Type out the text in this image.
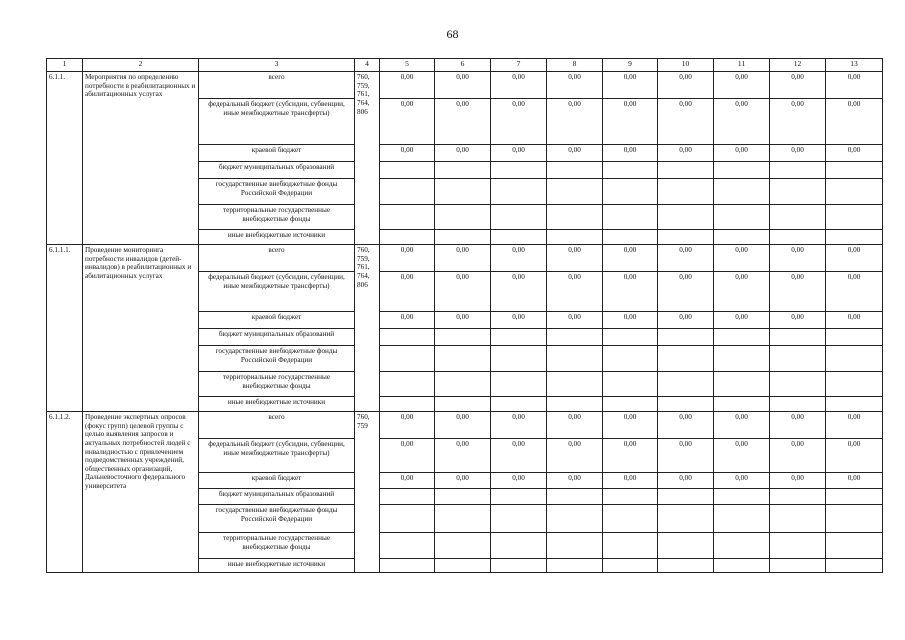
68
1	2	3	4	5	6	7	8	9	10	11	12	13
6.1.1.	Мероприятия по определению потребности в реабилитационных и абилитационных услугах	всего	760, 759, 761, 764, 806	0,00	0,00	0,00	0,00	0,00	0,00	0,00	0,00	0,00
		федеральный бюджет (субсидии, субвенции, иные межбюджетные трансферты)		0,00	0,00	0,00	0,00	0,00	0,00	0,00	0,00	0,00
		краевой бюджет		0,00	0,00	0,00	0,00	0,00	0,00	0,00	0,00	0,00
		бюджет муниципальных образований										
		государственные внебюджетные фонды Российской Федерации										
		территориальные государственные внебюджетные фонды										
		иные внебюджетные источники										
6.1.1.1.	Проведение мониторинга потребности инвалидов (детей-инвалидов) в реабилитационных и абилитационных услугах	всего	760, 759, 761, 764, 806	0,00	0,00	0,00	0,00	0,00	0,00	0,00	0,00	0,00
		федеральный бюджет (субсидии, субвенции, иные межбюджетные трансферты)		0,00	0,00	0,00	0,00	0,00	0,00	0,00	0,00	0,00
		краевой бюджет		0,00	0,00	0,00	0,00	0,00	0,00	0,00	0,00	0,00
		бюджет муниципальных образований										
		государственные внебюджетные фонды Российской Федерации										
		территориальные государственные внебюджетные фонды										
		иные внебюджетные источники										
6.1.1.2.	Проведение экспертных опросов (фокус групп) целевой группы с целью выявления запросов и актуальных потребностей людей с инвалидностью с привлечением подведомственных учреждений, общественных организаций, Дальневосточного федерального университета	всего	760, 759	0,00	0,00	0,00	0,00	0,00	0,00	0,00	0,00	0,00
		федеральный бюджет (субсидии, субвенции, иные межбюджетные трансферты)		0,00	0,00	0,00	0,00	0,00	0,00	0,00	0,00	0,00
		краевой бюджет		0,00	0,00	0,00	0,00	0,00	0,00	0,00	0,00	0,00
		бюджет муниципальных образований										
		государственные внебюджетные фонды Российской Федерации										
		территориальные государственные внебюджетные фонды										
		иные внебюджетные источники										
